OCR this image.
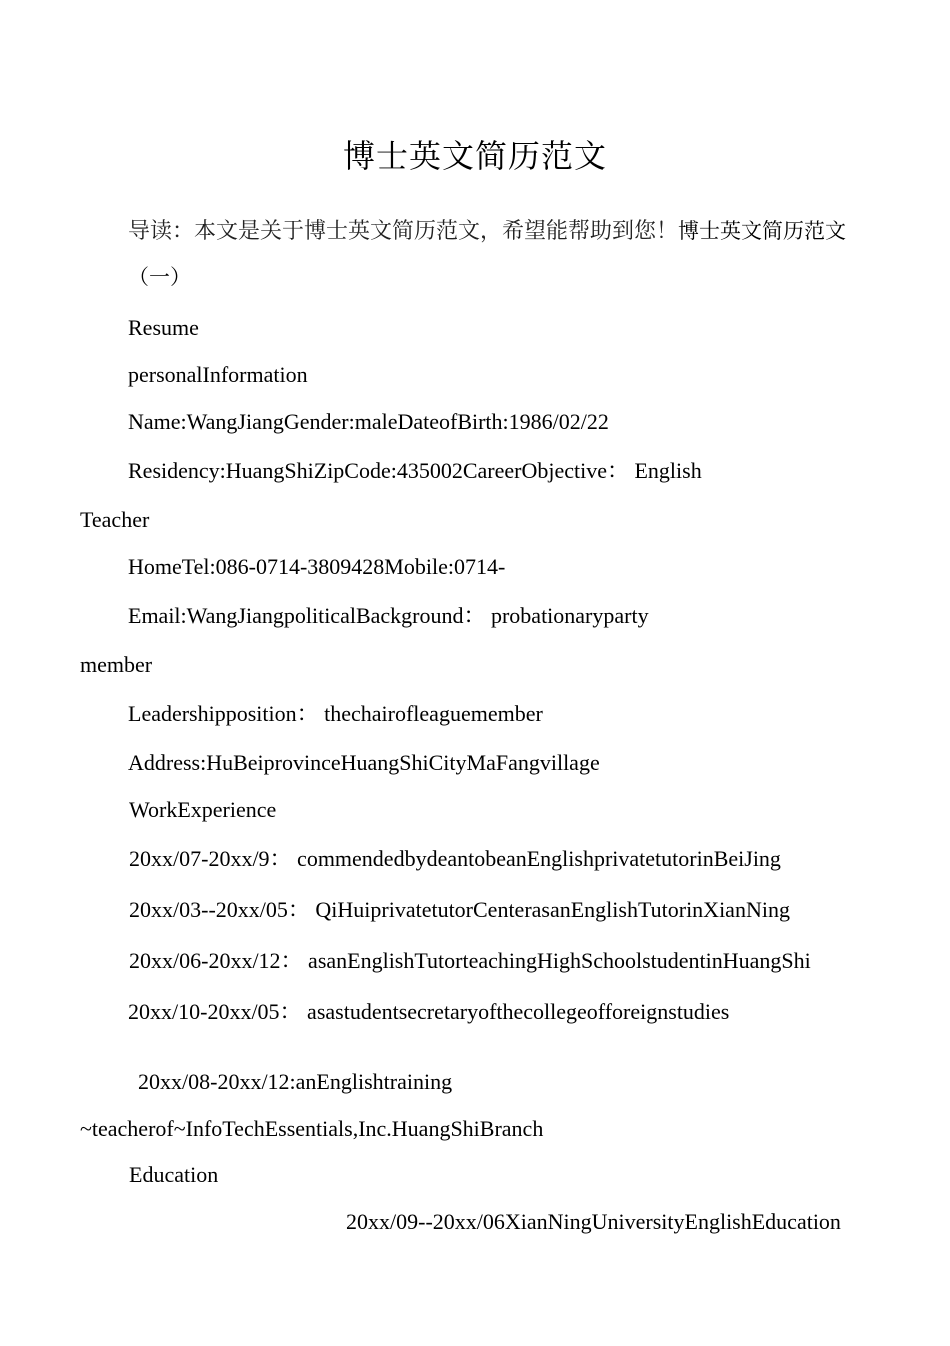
博士英文简历范文
导读：本文是关于博士英文简历范文，希望能帮助到您！博士英文简历范文（一）
Resume
personalInformation
Name:WangJiangGender:maleDateofBirth:1986/02/22
Residency:HuangShiZipCode:435002CareerObjective： English
Teacher
HomeTel:086-0714-3809428Mobile:0714-
Email:WangJiangpoliticalBackground： probationaryparty
member
Leadershipposition： thechairofleaguemember
Address:HuBeiprovinceHuangShiCityMaFangvillage
WorkExperience
20xx/07-20xx/9： commendedbydeantobeanEnglishprivatetutorinBeiJing
20xx/03--20xx/05： QiHuiprivatetutorCenterasanEnglishTutorinXianNing
20xx/06-20xx/12： asanEnglishTutorteachingHighSchoolstudentinHuangShi
20xx/10-20xx/05： asastudentsecretaryofthecollegeofforeignstudies
20xx/08-20xx/12:anEnglishtraining
~teacherof~InfoTechEssentials,Inc.HuangShiBranch
Education
20xx/09--20xx/06XianNingUniversityEnglishEducation
